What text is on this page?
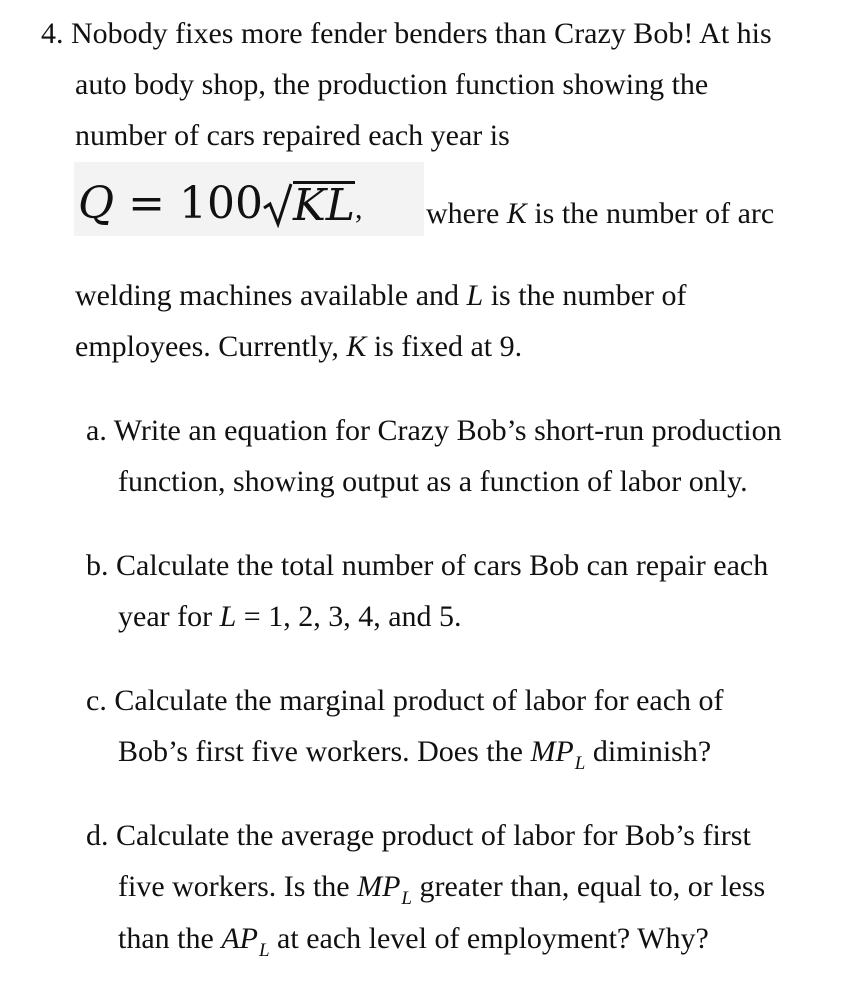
4. Nobody fixes more fender benders than Crazy Bob! At his
auto body shop, the production function showing the
number of cars repaired each year is
Q = 100 KL, where K is the number of arc
welding machines available and L is the number of
employees. Currently, K is fixed at 9.
a. Write an equation for Crazy Bob’s short-run production
function, showing output as a function of labor only.
b. Calculate the total number of cars Bob can repair each
year for L = 1, 2, 3, 4, and 5.
c. Calculate the marginal product of labor for each of
Bob’s first five workers. Does the $MP_L$ diminish?
d. Calculate the average product of labor for Bob’s first
five workers. Is the $MP_L$ greater than, equal to, or less
than the $AP_L$ at each level of employment? Why?
